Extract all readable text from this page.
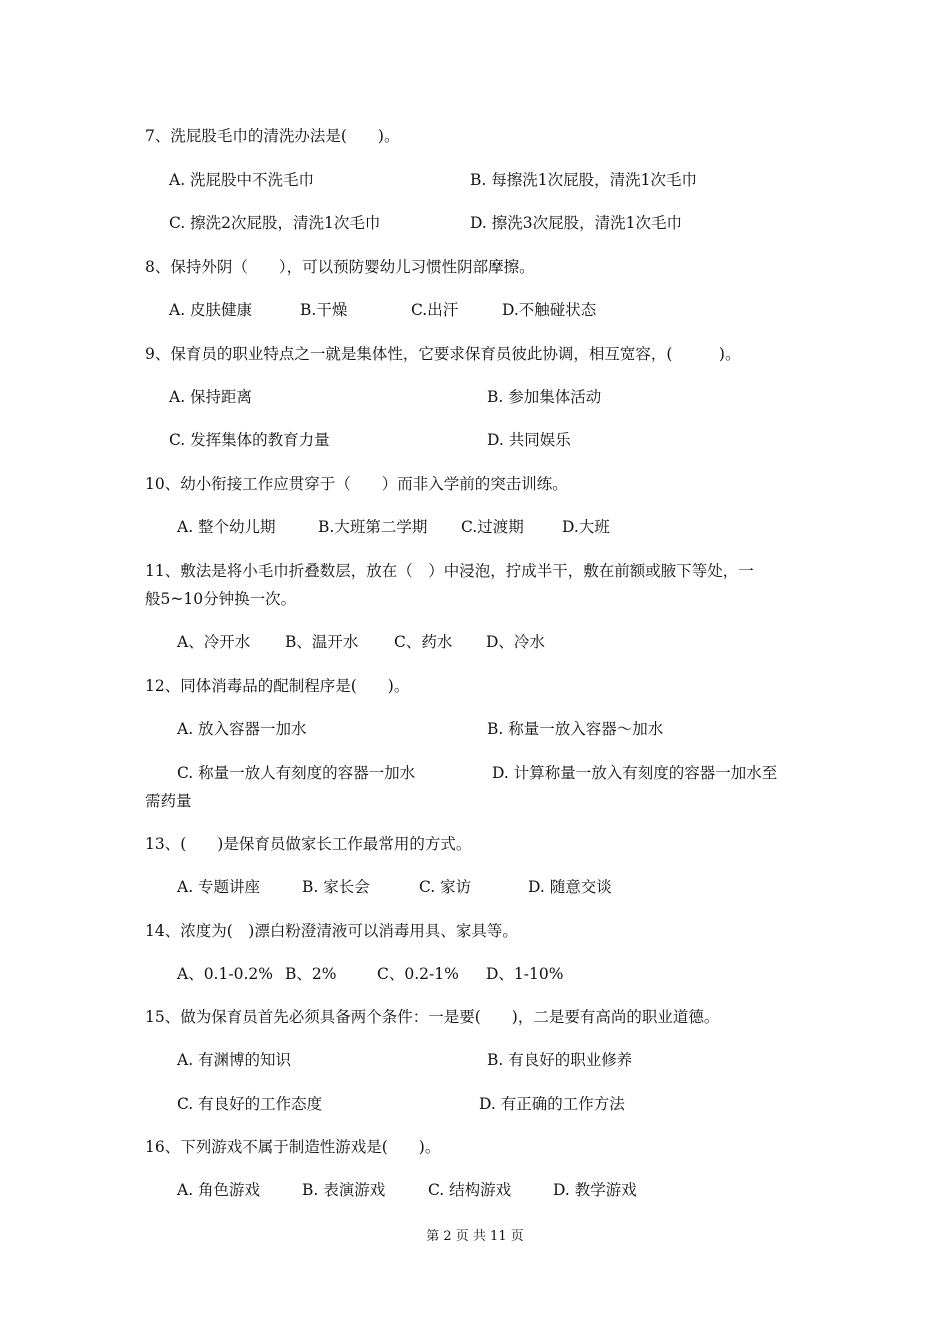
7、洗屁股毛巾的清洗办法是(　　)。
A. 洗屁股中不洗毛巾	B. 每擦洗1次屁股，清洗1次毛巾
C. 擦洗2次屁股，清洗1次毛巾	D. 擦洗3次屁股，清洗1次毛巾
8、保持外阴（　　），可以预防婴幼儿习惯性阴部摩擦。
A. 皮肤健康	B.干燥	C.出汗	D.不触碰状态
9、保育员的职业特点之一就是集体性，它要求保育员彼此协调，相互宽容，(　　　)。
A. 保持距离	B. 参加集体活动
C. 发挥集体的教育力量	D. 共同娱乐
10、幼小衔接工作应贯穿于（　　）而非入学前的突击训练。
A. 整个幼儿期	B.大班第二学期 C.过渡期 D.大班
11、敷法是将小毛巾折叠数层，放在（　）中浸泡，拧成半干，敷在前额或腋下等处，一
般5~10分钟换一次。
A、冷开水 B、温开水 C、药水 D、冷水
12、同体消毒品的配制程序是(　　)。
A. 放入容器一加水	B. 称量一放入容器～加水
C. 称量一放人有刻度的容器一加水	D. 计算称量一放入有刻度的容器一加水至
需药量
13、(　　)是保育员做家长工作最常用的方式。
A. 专题讲座	B. 家长会	C. 家访	D. 随意交谈
14、浓度为(　)漂白粉澄清液可以消毒用具、家具等。
A、0.1-0.2% B、2%	C、0.2-1% D、1-10%
15、做为保育员首先必须具备两个条件：一是要(　　)，二是要有高尚的职业道德。
A. 有渊博的知识	B. 有良好的职业修养
C. 有良好的工作态度	D. 有正确的工作方法
16、下列游戏不属于制造性游戏是(　　)。
A. 角色游戏	B. 表演游戏	C. 结构游戏	D. 教学游戏
第 2 页 共 11 页
